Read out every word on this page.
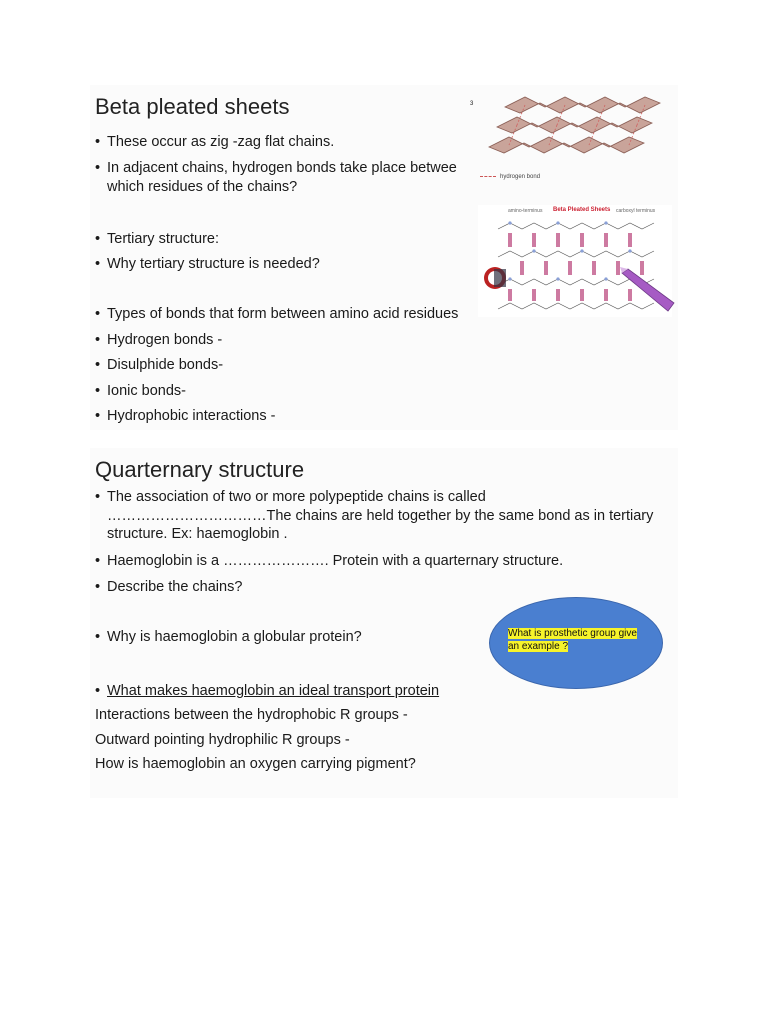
Beta pleated sheets
• These occur as zig -zag flat chains.
• In adjacent chains, hydrogen bonds take place betwee
which residues of the chains?
• Tertiary structure:
• Why tertiary structure is needed?
• Types of bonds that form between amino acid residues
• Hydrogen bonds -
• Disulphide bonds-
• Ionic bonds-
• Hydrophobic interactions -
3
hydrogen bond
amino-terminus Beta Pleated Sheets carboxyl terminus
Quarternary structure
• The association of two or more polypeptide chains is called
……………………………The chains are held together by the same bond as in tertiary
structure. Ex: haemoglobin .
• Haemoglobin is a …………………. Protein with a quarternary structure.
• Describe the chains?
• Why is haemoglobin a globular protein?
• What makes haemoglobin an ideal transport protein
Interactions between the hydrophobic R groups -
Outward pointing hydrophilic R groups -
How is haemoglobin an oxygen carrying pigment?
What is prosthetic group give
an example ?
